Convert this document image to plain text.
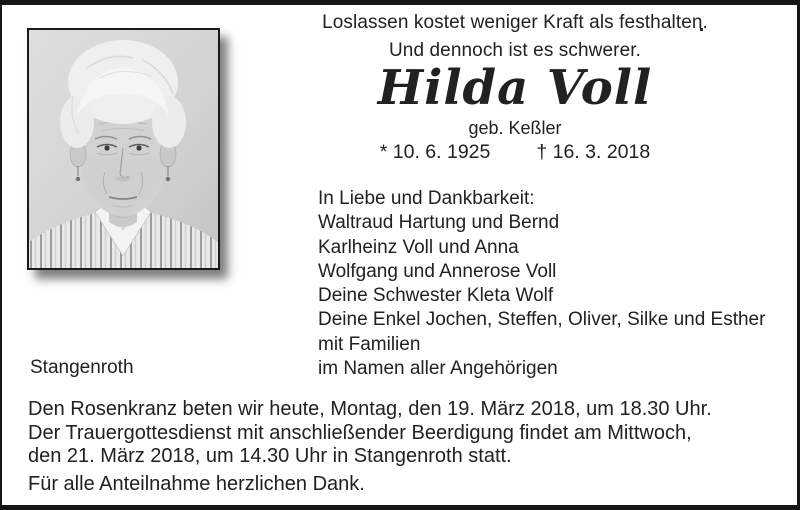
Loslassen kostet weniger Kraft als festhalten.
Und dennoch ist es schwerer.
Hilda Voll
geb. Keßler
* 10. 6. 1925 † 16. 3. 2018
In Liebe und Dankbarkeit:
Waltraud Hartung und Bernd
Karlheinz Voll und Anna
Wolfgang und Annerose Voll
Deine Schwester Kleta Wolf
Deine Enkel Jochen, Steffen, Oliver, Silke und Esther
mit Familien
im Namen aller Angehörigen
Stangenroth
Den Rosenkranz beten wir heute, Montag, den 19. März 2018, um 18.30 Uhr.
Der Trauergottesdienst mit anschließender Beerdigung findet am Mittwoch,
den 21. März 2018, um 14.30 Uhr in Stangenroth statt.
Für alle Anteilnahme herzlichen Dank.
